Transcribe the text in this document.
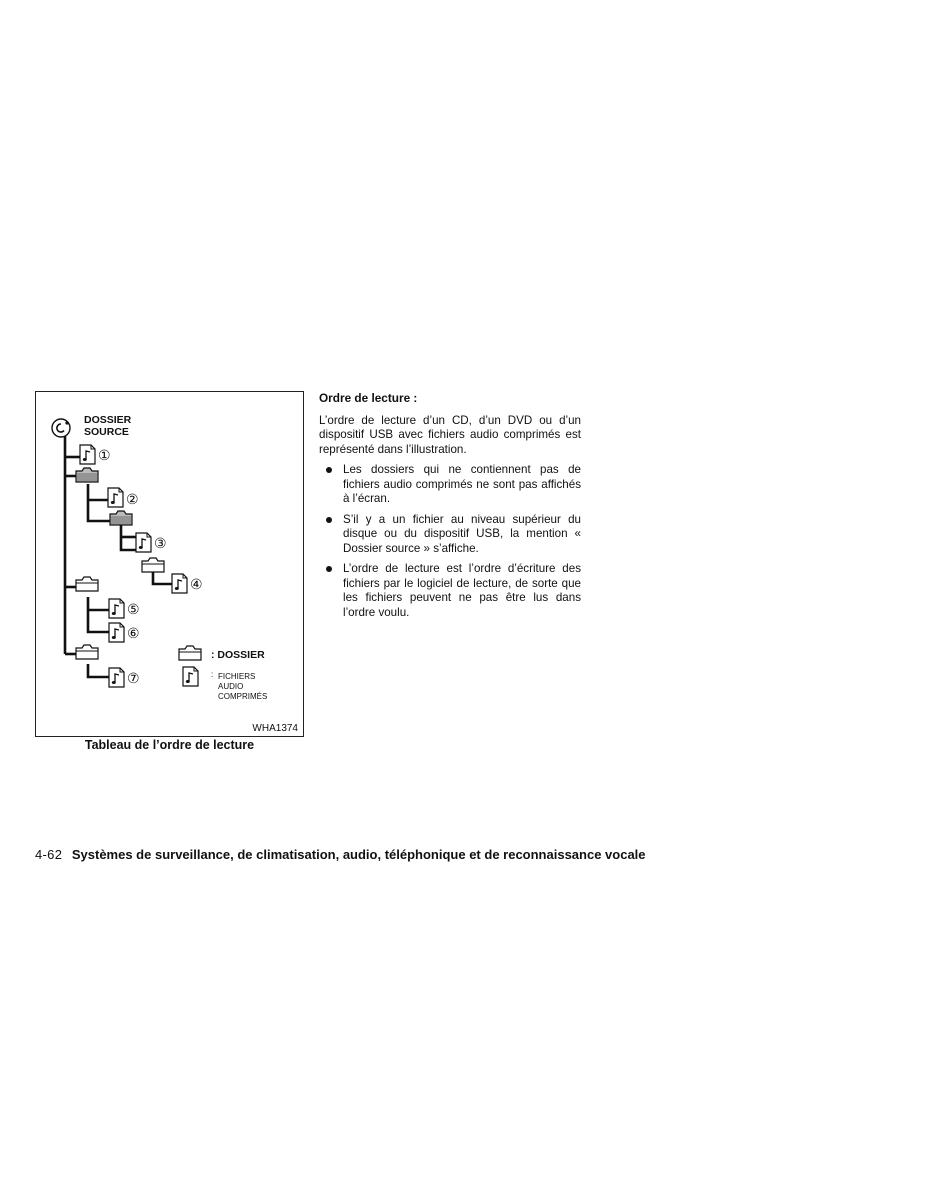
DOSSIER
SOURCE
①
②
③
④
⑤
⑥
⑦
: DOSSIER
: FICHIERS
AUDIO
COMPRIMÉS
WHA1374
Tableau de l’ordre de lecture

Ordre de lecture :

L’ordre de lecture d’un CD, d’un DVD ou d’un dispositif USB avec fichiers audio comprimés est représenté dans l’illustration.

Les dossiers qui ne contiennent pas de fichiers audio comprimés ne sont pas affichés à l’écran.
S’il y a un fichier au niveau supérieur du disque ou du dispositif USB, la mention « Dossier source » s’affiche.
L’ordre de lecture est l’ordre d’écriture des fichiers par le logiciel de lecture, de sorte que les fichiers peuvent ne pas être lus dans l’ordre voulu.
4-62 Systèmes de surveillance, de climatisation, audio, téléphonique et de reconnaissance vocale
